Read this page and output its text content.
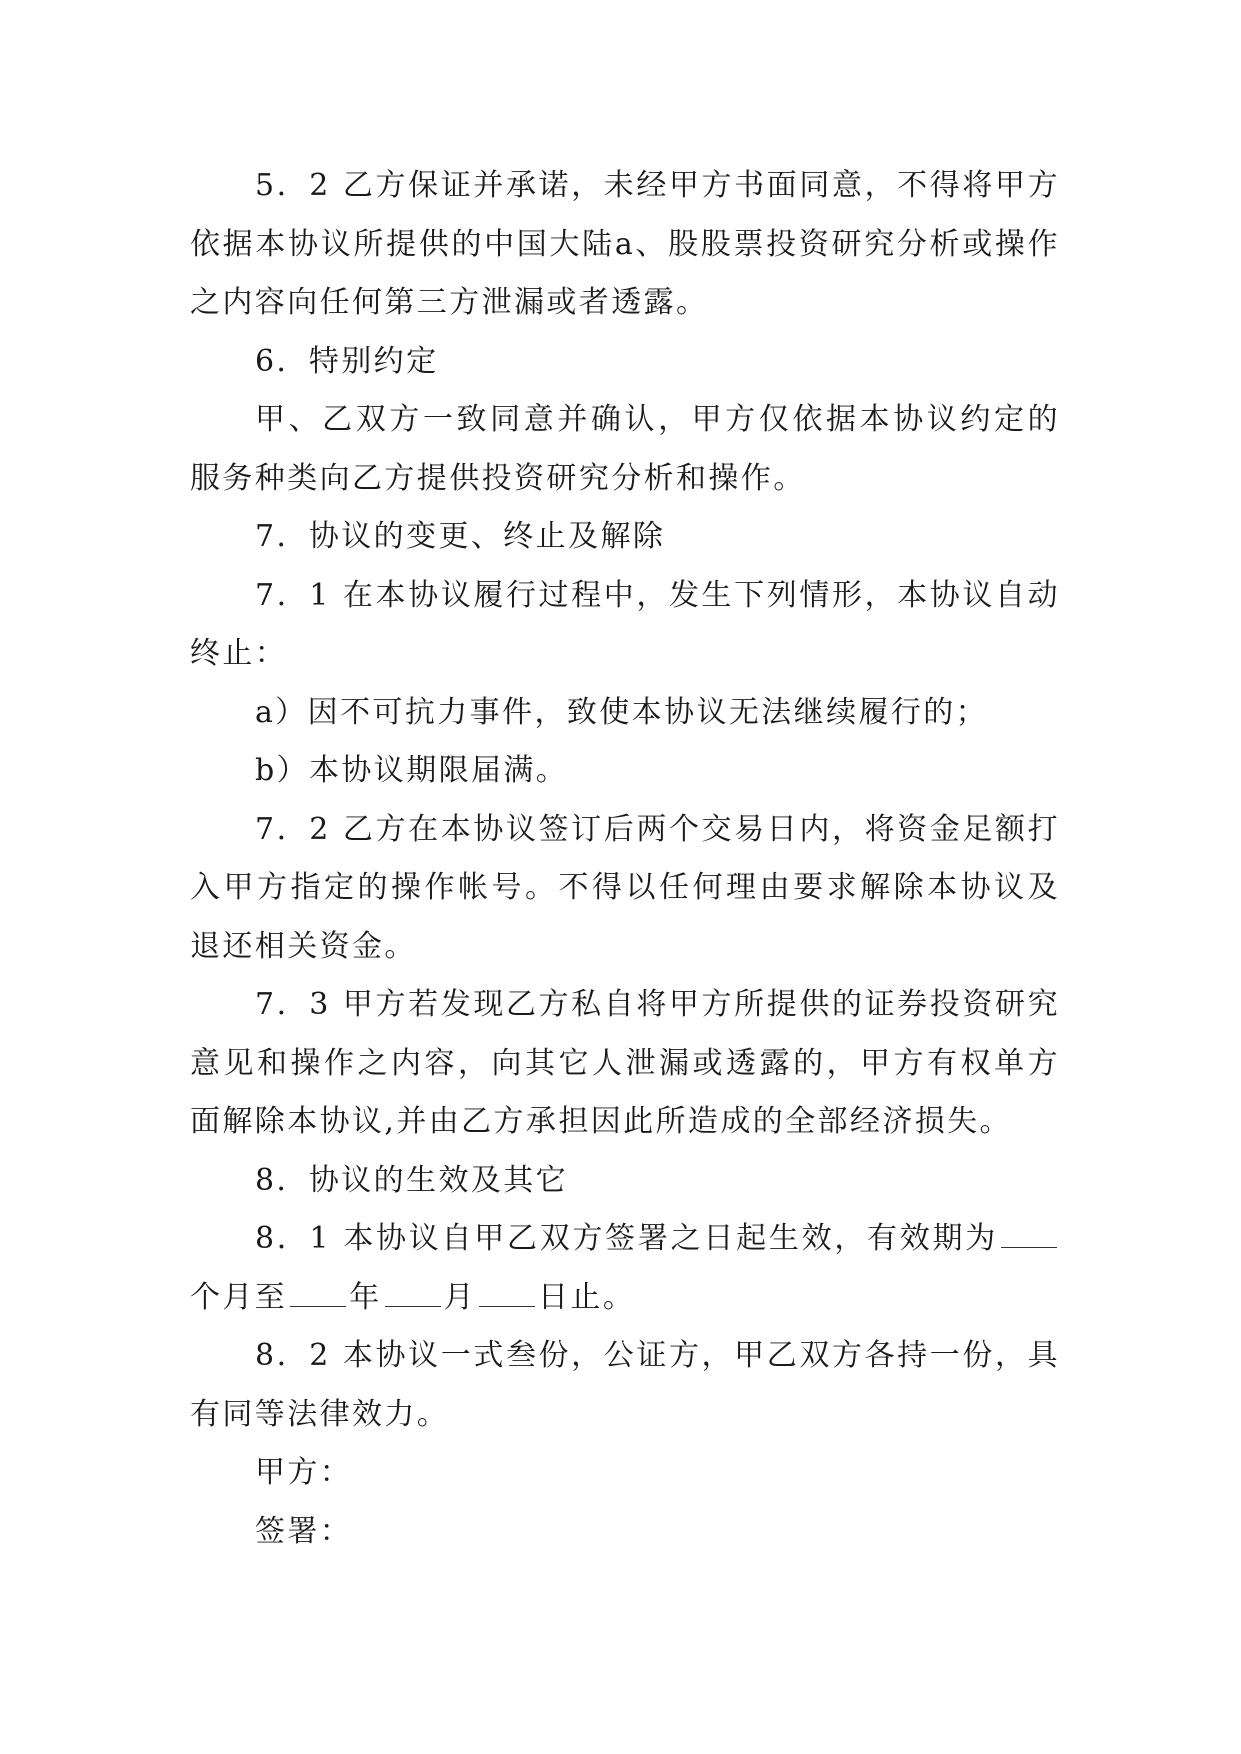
5．2 乙方保证并承诺，未经甲方书面同意，不得将甲方依据本协议所提供的中国大陆a、股股票投资研究分析或操作之内容向任何第三方泄漏或者透露。

6．特别约定

甲、乙双方一致同意并确认，甲方仅依据本协议约定的服务种类向乙方提供投资研究分析和操作。

7．协议的变更、终止及解除

7．1 在本协议履行过程中，发生下列情形，本协议自动终止：

a）因不可抗力事件，致使本协议无法继续履行的；

b）本协议期限届满。

7．2 乙方在本协议签订后两个交易日内，将资金足额打入甲方指定的操作帐号。不得以任何理由要求解除本协议及退还相关资金。

7．3 甲方若发现乙方私自将甲方所提供的证券投资研究意见和操作之内容，向其它人泄漏或透露的，甲方有权单方面解除本协议,并由乙方承担因此所造成的全部经济损失。

8．协议的生效及其它

8．1 本协议自甲乙双方签署之日起生效，有效期为个月至 年 月 日止。

8．2 本协议一式叁份，公证方，甲乙双方各持一份，具有同等法律效力。

甲方：

签署：
